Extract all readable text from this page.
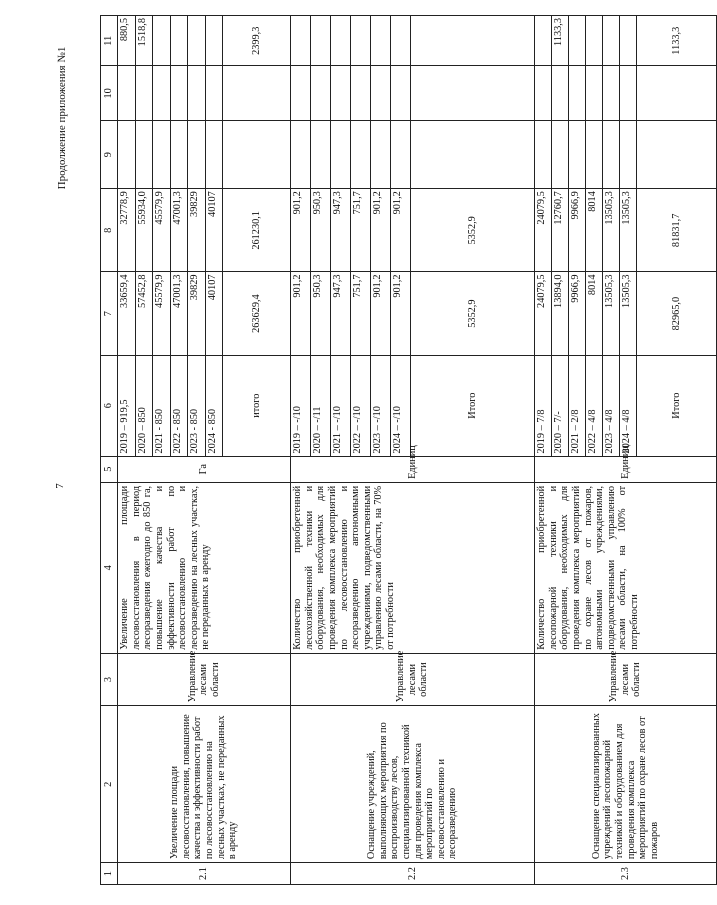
7
Продолжение приложения №1
1	2	3	4	5	6	7	8	9	10	11
2.1	Увеличение площади лесовосстановления, повышение качества и эффективности работ по лесовосстановлению на лесных участках, не переданных в аренду	Управление лесами области	Увеличение площади лесовосстановления в период лесоразведения ежегодно до 850 га, повышение качества и эффективности работ по лесовосстановлению и лесоразведению на лесных участках, не переданных в аренду	Га	2019 – 919,5	33659,4	32778,9			880,5
					2020 – 850	57452,8	55934,0			1518,8
					2021 - 850	45579,9	45579,9			
					2022 - 850	47001,3	47001,3			
					2023 - 850	39829	39829			
					2024 - 850	40107	40107			
					итого	263629,4	261230,1			2399,3
2.2	Оснащение учреждений, выполняющих мероприятия по воспроизводству лесов, специализированной техникой для проведения комплекса мероприятий по лесовосстановлению и лесоразведению	Управление лесами области	Количество приобретенной лесохозяйственной техники и оборудования, необходимых для проведения комплекса мероприятий по лесовосстановлению и лесоразведению автономными учреждениями, подведомственными управлению лесами области, на 70% от потребности	Единиц	2019 – -/10	901,2	901,2			
					2020 – -/11	950,3	950,3			
					2021 – -/10	947,3	947,3			
					2022 – -/10	751,7	751,7			
					2023 – -/10	901,2	901,2			
					2024 – -/10	901,2	901,2			
					Итого	5352,9	5352,9			
2.3	Оснащение специализированных учреждений лесопожарной техникой и оборудованием для проведения комплекса мероприятий по охране лесов от пожаров	Управление лесами области	Количество приобретенной лесопожарной техники и оборудования, необходимых для проведения комплекса мероприятий по охране лесов от пожаров, автономными учреждениями, подведомственными управлению лесами области, на 100% от потребности	Единиц	2019 – 7/8	24079,5	24079,5			
					2020 – 7/-	13894,0	12760,7			1133,3
					2021 – 2/8	9966,9	9966,9			
					2022 – 4/8	8014	8014			
					2023 – 4/8	13505,3	13505,3			
					2024 – 4/8	13505,3	13505,3			
					Итого	82965,0	81831,7			1133,3
